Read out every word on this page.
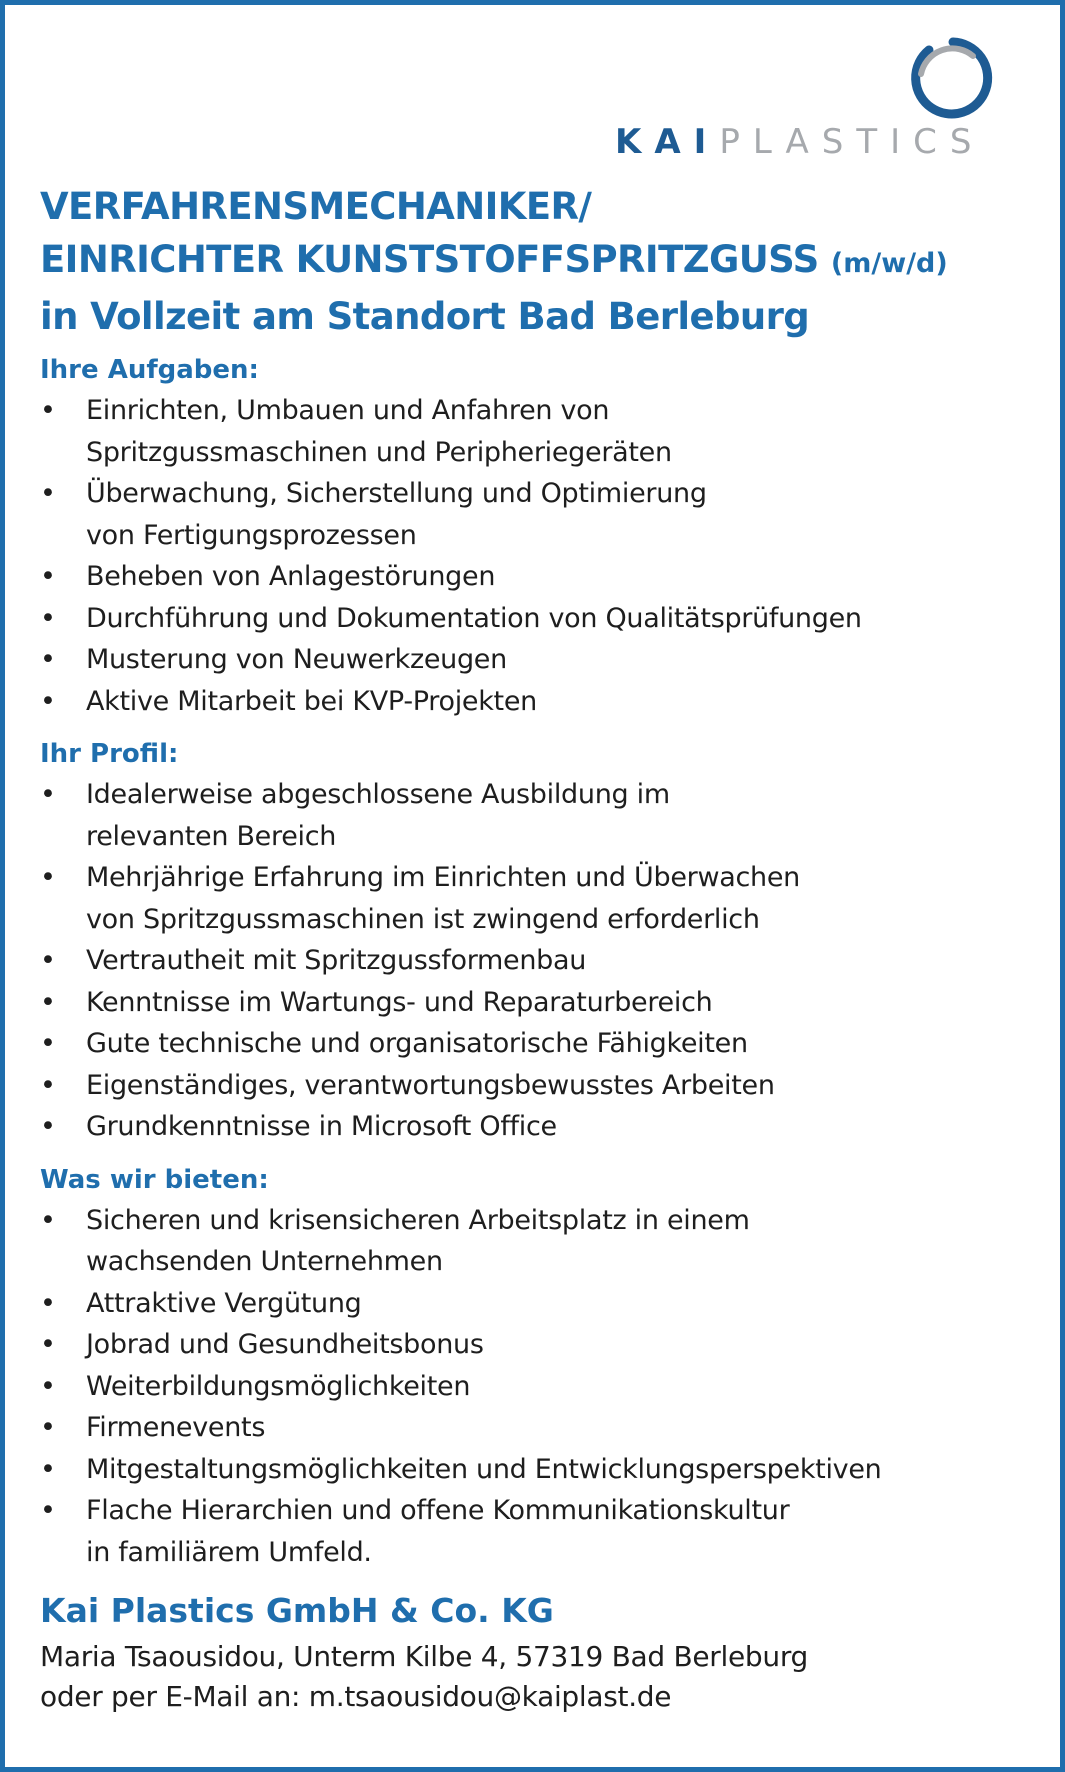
KAIPLASTICS
VERFAHRENSMECHANIKER/
EINRICHTER KUNSTSTOFFSPRITZGUSS (m/w/d)
in Vollzeit am Standort Bad Berleburg
Ihre Aufgaben:
• Einrichten, Umbauen und Anfahren von
Spritzgussmaschinen und Peripheriegeräten
• Überwachung, Sicherstellung und Optimierung
von Fertigungsprozessen
• Beheben von Anlagestörungen
• Durchführung und Dokumentation von Qualitätsprüfungen
• Musterung von Neuwerkzeugen
• Aktive Mitarbeit bei KVP-Projekten
Ihr Profil:
• Idealerweise abgeschlossene Ausbildung im
relevanten Bereich
• Mehrjährige Erfahrung im Einrichten und Überwachen
von Spritzgussmaschinen ist zwingend erforderlich
• Vertrautheit mit Spritzgussformenbau
• Kenntnisse im Wartungs- und Reparaturbereich
• Gute technische und organisatorische Fähigkeiten
• Eigenständiges, verantwortungsbewusstes Arbeiten
• Grundkenntnisse in Microsoft Office
Was wir bieten:
• Sicheren und krisensicheren Arbeitsplatz in einem
wachsenden Unternehmen
• Attraktive Vergütung
• Jobrad und Gesundheitsbonus
• Weiterbildungsmöglichkeiten
• Firmenevents
• Mitgestaltungsmöglichkeiten und Entwicklungsperspektiven
• Flache Hierarchien und offene Kommunikationskultur
in familiärem Umfeld.
Kai Plastics GmbH & Co. KG
Maria Tsaousidou, Unterm Kilbe 4, 57319 Bad Berleburg
oder per E-Mail an: m.tsaousidou@kaiplast.de
